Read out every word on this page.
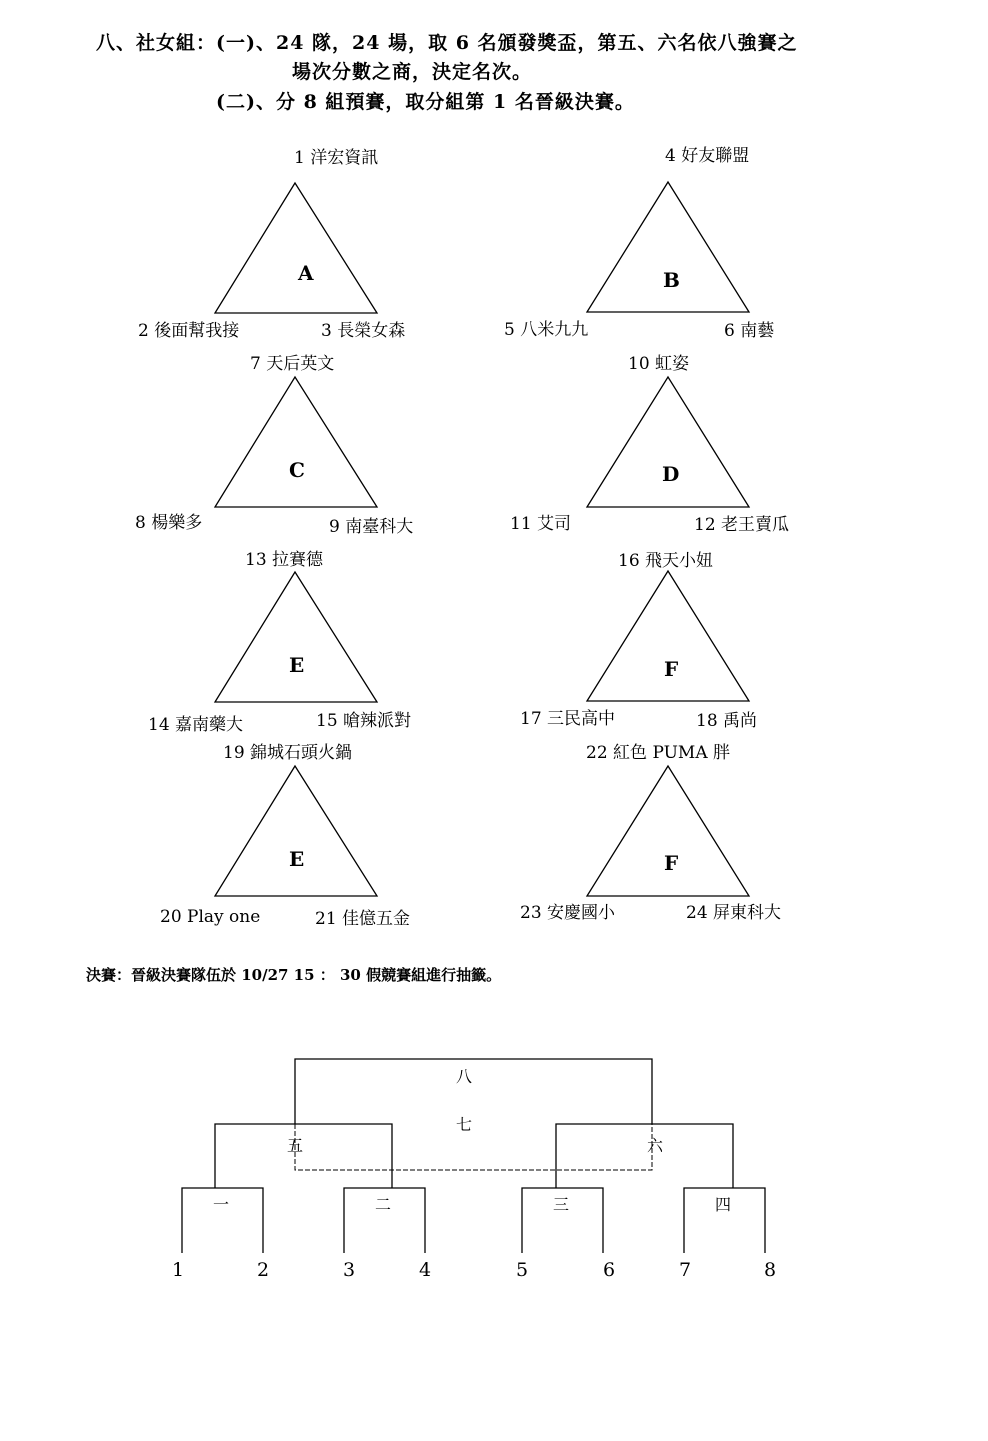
八、社女組：(一)、24 隊，24 場，取 6 名頒發獎盃，第五、六名依八強賽之
場次分數之商，決定名次。
(二)、分 8 組預賽，取分組第 1 名晉級決賽。
1 洋宏資訊
A
2 後面幫我接	3 長榮女森
4 好友聯盟
B
5 八米九九	6 南藝
7 天后英文
C
8 楊樂多	9 南臺科大
10 虹姿
D
11 艾司	12 老王賣瓜
13 拉賽德
E
14 嘉南藥大	15 嗆辣派對
16 飛天小妞
F
17 三民高中	18 禹尚
19 錦城石頭火鍋
E
20 Play one	21 佳億五金
22 紅色 PUMA 胖
F
23 安慶國小	24 屏東科大
決賽：晉級決賽隊伍於 10/27 15 ： 30 假競賽組進行抽籤。
一	二	三	四
五	六
七
八
1	2	3	4	5	6	7	8
